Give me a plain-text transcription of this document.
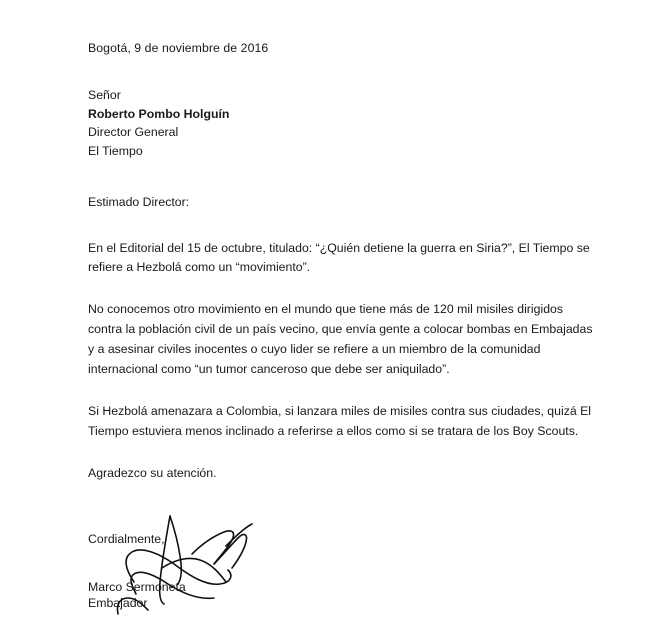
Bogotá, 9 de noviembre de 2016

Señor
Roberto Pombo Holguín
Director General
El Tiempo

Estimado Director:

En el Editorial del 15 de octubre, titulado: “¿Quién detiene la guerra en Siria?”, El Tiempo se refiere a Hezbolá como un “movimiento”.

No conocemos otro movimiento en el mundo que tiene más de 120 mil misiles dirigidos contra la población civil de un país vecino, que envía gente a colocar bombas en Embajadas y a asesinar civiles inocentes o cuyo lider se refiere a un miembro de la comunidad internacional como “un tumor canceroso que debe ser aniquilado”.

Si Hezbolá amenazara a Colombia, si lanzara miles de misiles contra sus ciudades, quizá El Tiempo estuviera menos inclinado a referirse a ellos como si se tratara de los Boy Scouts.

Agradezco su atención.

Cordialmente,

Marco Sermoneta

Embajador
